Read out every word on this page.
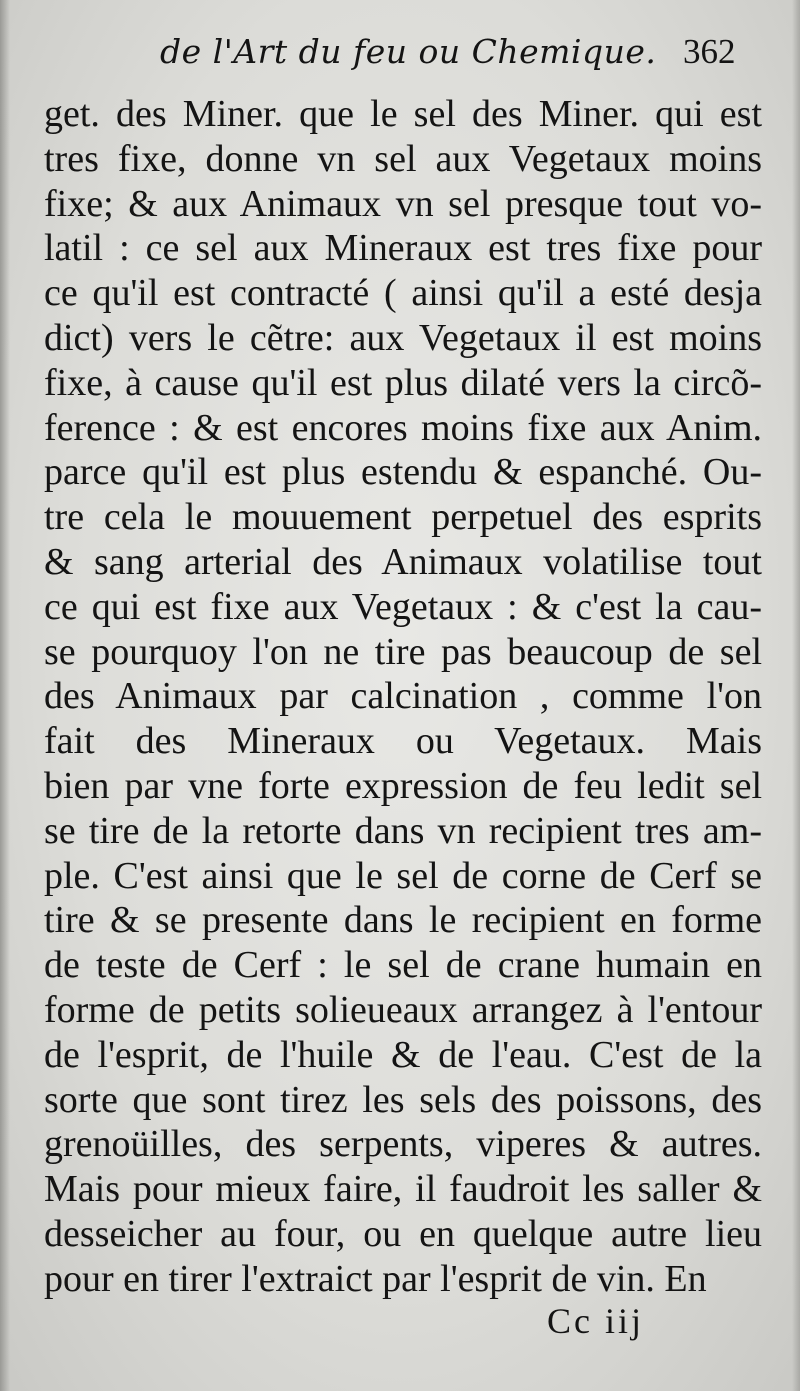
de l'Art du feu ou Chemique. 362
get. des Miner. que le sel des Miner. qui est
tres fixe, donne vn sel aux Vegetaux moins
fixe; & aux Animaux vn sel presque tout vo-
latil : ce sel aux Mineraux est tres fixe pour
ce qu'il est contracté ( ainsi qu'il a esté desja
dict) vers le cẽtre: aux Vegetaux il est moins
fixe, à cause qu'il est plus dilaté vers la circõ-
ference : & est encores moins fixe aux Anim.
parce qu'il est plus estendu & espanché. Ou-
tre cela le mouuement perpetuel des esprits
& sang arterial des Animaux volatilise tout
ce qui est fixe aux Vegetaux : & c'est la cau-
se pourquoy l'on ne tire pas beaucoup de sel
des Animaux par calcination , comme l'on
fait des Mineraux ou Vegetaux. Mais
bien par vne forte expression de feu ledit sel
se tire de la retorte dans vn recipient tres am-
ple. C'est ainsi que le sel de corne de Cerf se
tire & se presente dans le recipient en forme
de teste de Cerf : le sel de crane humain en
forme de petits solieueaux arrangez à l'entour
de l'esprit, de l'huile & de l'eau. C'est de la
sorte que sont tirez les sels des poissons, des
grenoüilles, des serpents, viperes & autres.
Mais pour mieux faire, il faudroit les saller &
desseicher au four, ou en quelque autre lieu
pour en tirer l'extraict par l'esprit de vin. En
Cc iij
